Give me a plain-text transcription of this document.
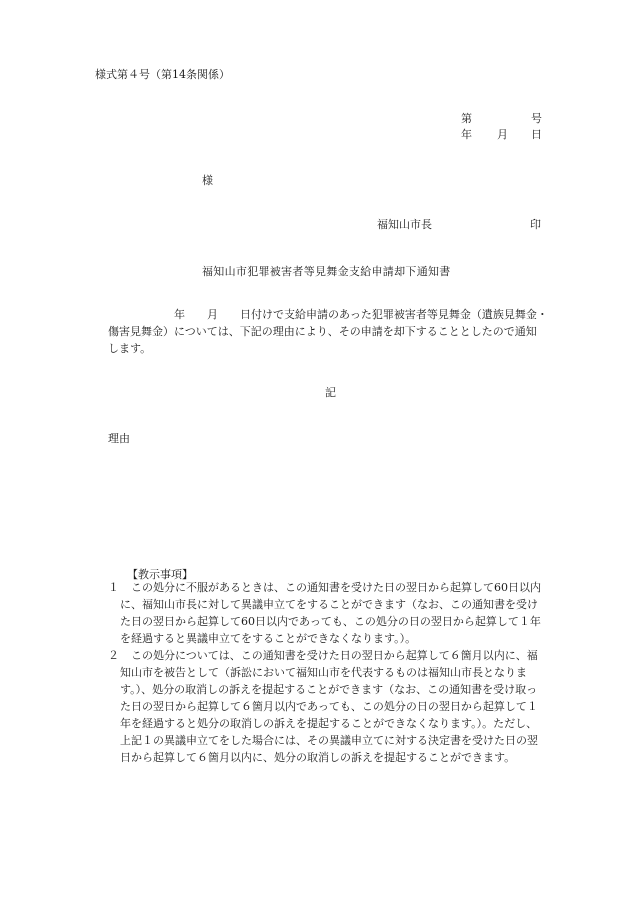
様式第４号（第14条関係）
第	号
年 月 日
様
福知山市長	印
福知山市犯罪被害者等見舞金支給申請却下通知書
　　　　　　年　　月　　日付けで支給申請のあった犯罪被害者等見舞金（遺族見舞金・
傷害見舞金）については、下記の理由により、その申請を却下することとしたので通知
します。
記
理由
【教示事項】
１ 　この処分に不服があるときは、この通知書を受けた日の翌日から起算して60日以内
に、福知山市長に対して異議申立てをすることができます（なお、この通知書を受け
た日の翌日から起算して60日以内であっても、この処分の日の翌日から起算して１年
を経過すると異議申立てをすることができなくなります。）。
２ 　この処分については、この通知書を受けた日の翌日から起算して６箇月以内に、福
知山市を被告として（訴訟において福知山市を代表するものは福知山市長となりま
す。）、処分の取消しの訴えを提起することができます（なお、この通知書を受け取っ
た日の翌日から起算して６箇月以内であっても、この処分の日の翌日から起算して１
年を経過すると処分の取消しの訴えを提起することができなくなります。）。ただし、
上記１の異議申立てをした場合には、その異議申立てに対する決定書を受けた日の翌
日から起算して６箇月以内に、処分の取消しの訴えを提起することができます。
